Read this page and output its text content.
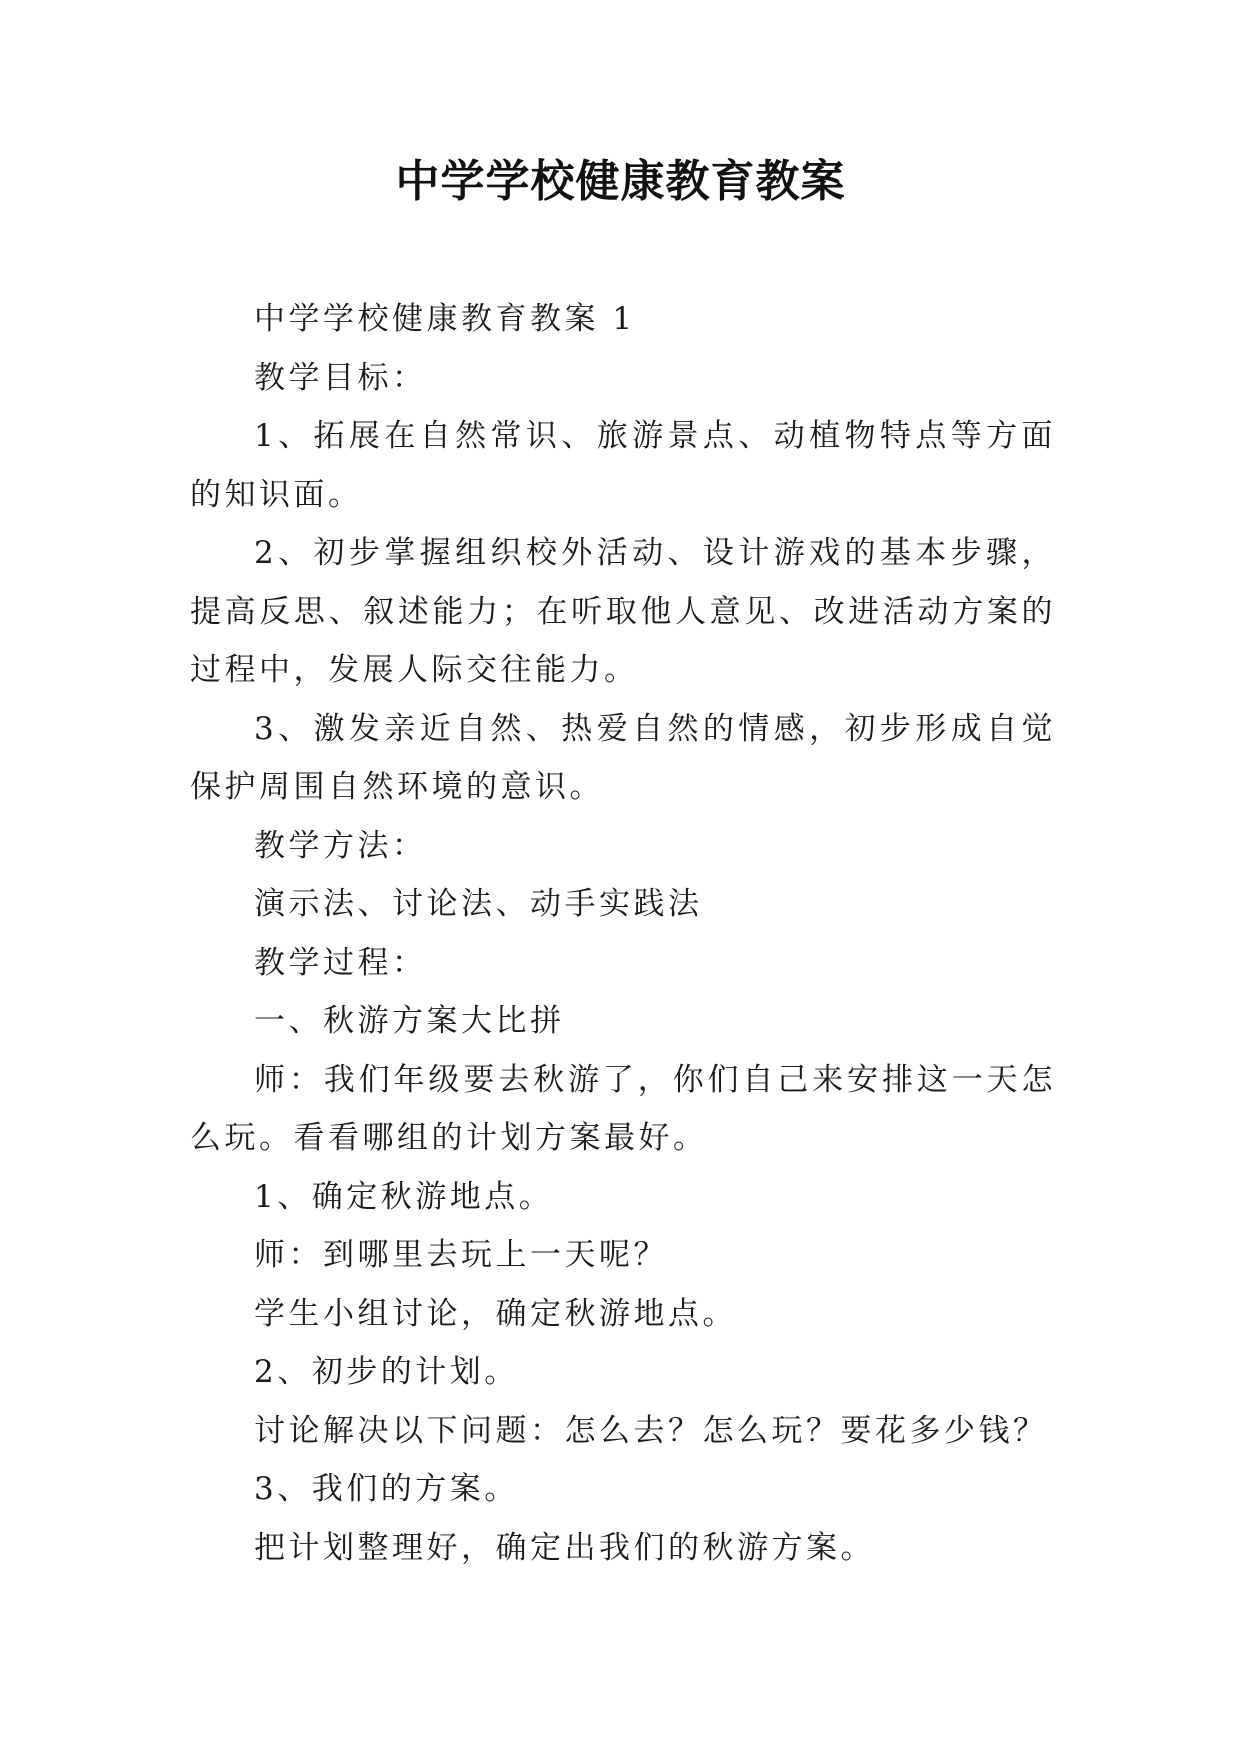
中学学校健康教育教案

中学学校健康教育教案 1

教学目标：

1、拓展在自然常识、旅游景点、动植物特点等方面的知识面。

2、初步掌握组织校外活动、设计游戏的基本步骤，提高反思、叙述能力；在听取他人意见、改进活动方案的过程中，发展人际交往能力。

3、激发亲近自然、热爱自然的情感，初步形成自觉保护周围自然环境的意识。

教学方法：

演示法、讨论法、动手实践法

教学过程：

一、秋游方案大比拼

师：我们年级要去秋游了，你们自己来安排这一天怎么玩。看看哪组的计划方案最好。

1、确定秋游地点。

师：到哪里去玩上一天呢？

学生小组讨论，确定秋游地点。

2、初步的计划。

讨论解决以下问题：怎么去？怎么玩？要花多少钱？

3、我们的方案。

把计划整理好，确定出我们的秋游方案。
